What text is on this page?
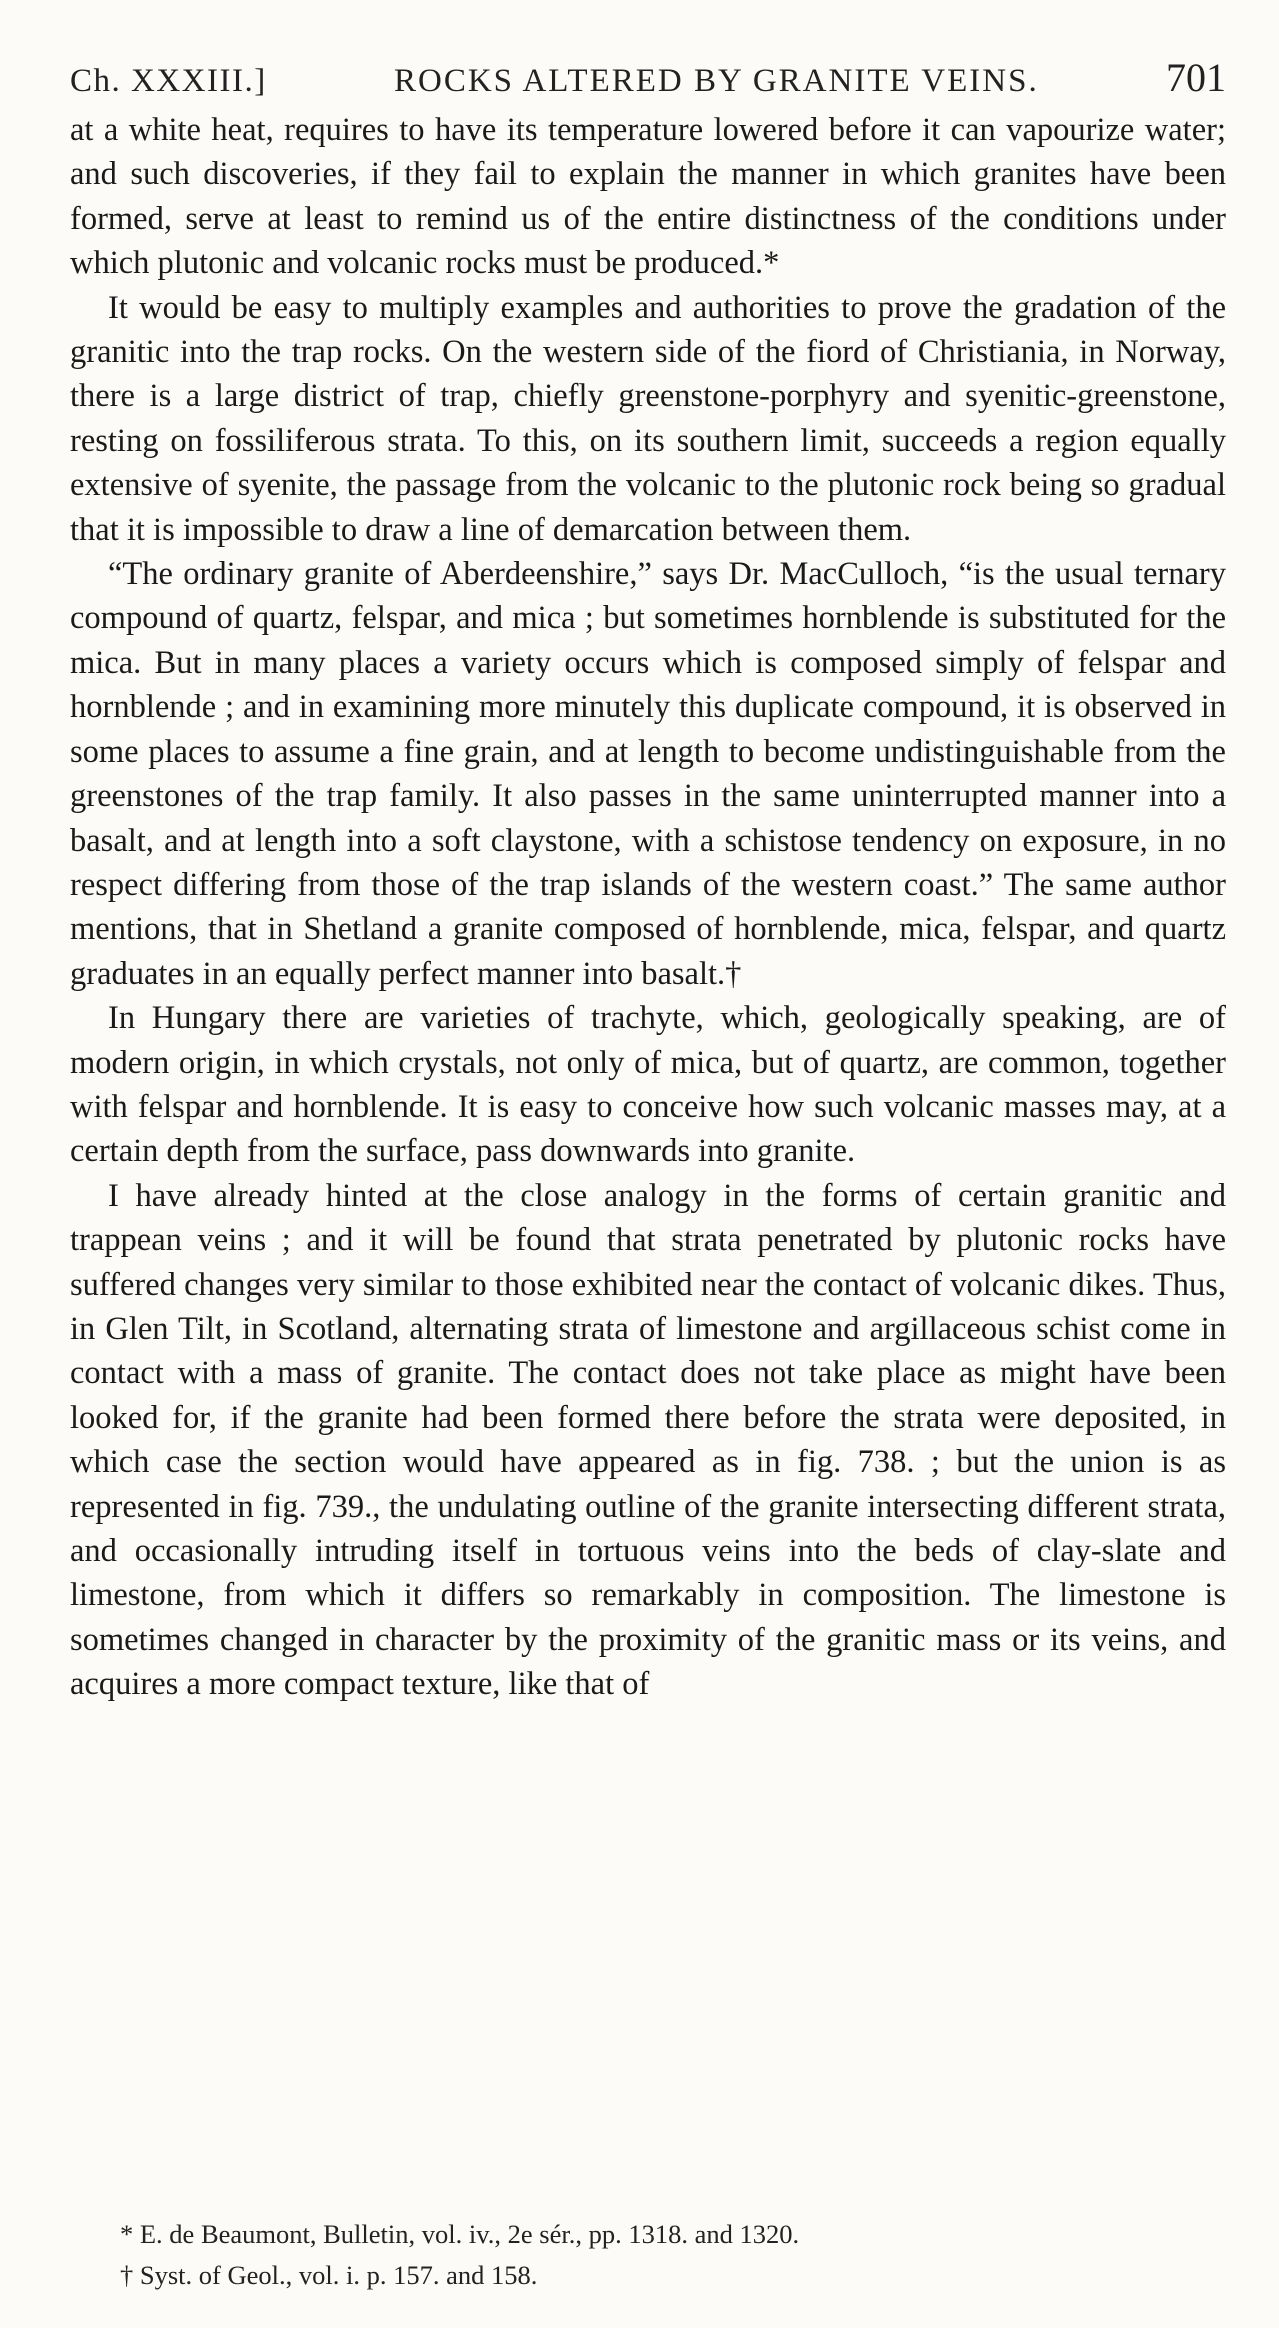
Ch. XXXIII.]	ROCKS ALTERED BY GRANITE VEINS.	701

at a white heat, requires to have its temperature lowered before it can vapourize water; and such discoveries, if they fail to explain the manner in which granites have been formed, serve at least to remind us of the entire distinctness of the conditions under which plutonic and volcanic rocks must be produced.*

It would be easy to multiply examples and authorities to prove the gradation of the granitic into the trap rocks. On the western side of the fiord of Christiania, in Norway, there is a large district of trap, chiefly greenstone-porphyry and syenitic-greenstone, resting on fossiliferous strata. To this, on its southern limit, succeeds a region equally extensive of syenite, the passage from the volcanic to the plutonic rock being so gradual that it is impossible to draw a line of demarcation between them.

“The ordinary granite of Aberdeenshire,” says Dr. MacCulloch, “is the usual ternary compound of quartz, felspar, and mica ; but sometimes hornblende is substituted for the mica. But in many places a variety occurs which is composed simply of felspar and hornblende ; and in examining more minutely this duplicate compound, it is observed in some places to assume a fine grain, and at length to become undistinguishable from the greenstones of the trap family. It also passes in the same uninterrupted manner into a basalt, and at length into a soft claystone, with a schistose tendency on exposure, in no respect differing from those of the trap islands of the western coast.” The same author mentions, that in Shetland a granite composed of hornblende, mica, felspar, and quartz graduates in an equally perfect manner into basalt.†

In Hungary there are varieties of trachyte, which, geologically speaking, are of modern origin, in which crystals, not only of mica, but of quartz, are common, together with felspar and hornblende. It is easy to conceive how such volcanic masses may, at a certain depth from the surface, pass downwards into granite.

I have already hinted at the close analogy in the forms of certain granitic and trappean veins ; and it will be found that strata penetrated by plutonic rocks have suffered changes very similar to those exhibited near the contact of volcanic dikes. Thus, in Glen Tilt, in Scotland, alternating strata of limestone and argillaceous schist come in contact with a mass of granite. The contact does not take place as might have been looked for, if the granite had been formed there before the strata were deposited, in which case the section would have appeared as in fig. 738. ; but the union is as represented in fig. 739., the undulating outline of the granite intersecting different strata, and occasionally intruding itself in tortuous veins into the beds of clay-slate and limestone, from which it differs so remarkably in composition. The limestone is sometimes changed in character by the proximity of the granitic mass or its veins, and acquires a more compact texture, like that of

* E. de Beaumont, Bulletin, vol. iv., 2e sér., pp. 1318. and 1320.

† Syst. of Geol., vol. i. p. 157. and 158.
